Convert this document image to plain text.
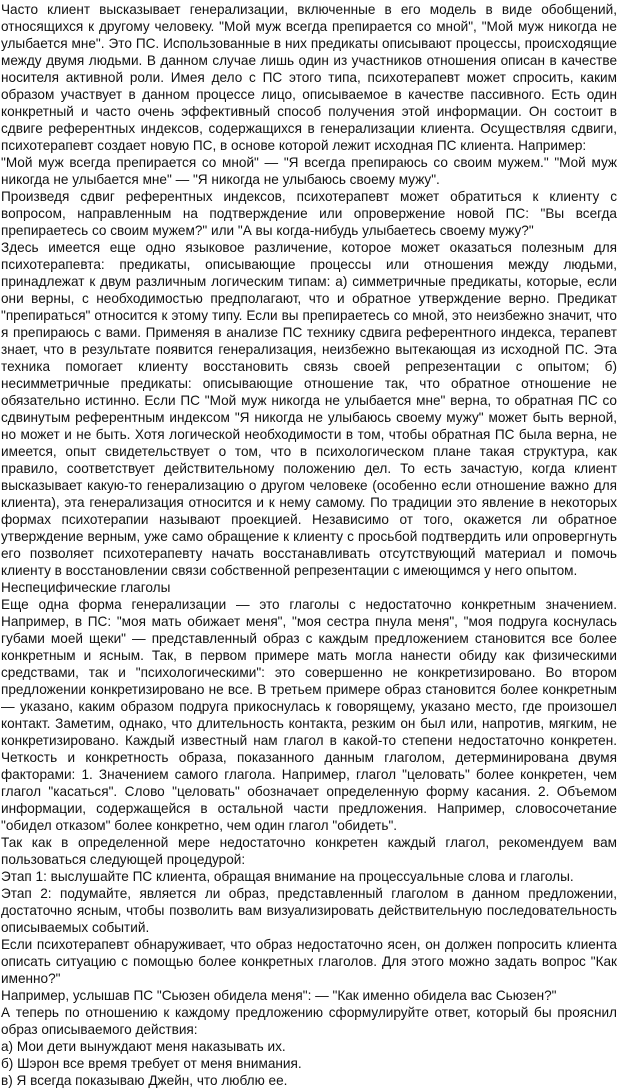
Часто клиент высказывает генерализации, включенные в его модель в виде обобщений, относящихся к другому человеку. "Мой муж всегда препирается со мной", "Мой муж никогда не улыбается мне". Это ПС. Использованные в них предикаты описывают процессы, происходящие между двумя людьми. В данном случае лишь один из участников отношения описан в качестве носителя активной роли. Имея дело с ПС этого типа, психотерапевт может спросить, каким образом участвует в данном процессе лицо, описываемое в качестве пассивного. Есть один конкретный и часто очень эффективный способ получения этой информации. Он состоит в сдвиге референтных индексов, содержащихся в генерализации клиента. Осуществляя сдвиги, психотерапевт создает новую ПС, в основе которой лежит исходная ПС клиента. Например:

"Мой муж всегда препирается со мной" — "Я всегда препираюсь со своим мужем." "Мой муж никогда не улыбается мне" — "Я никогда не улыбаюсь своему мужу".

Произведя сдвиг референтных индексов, психотерапевт может обратиться к клиенту с вопросом, направленным на подтверждение или опровержение новой ПС: "Вы всегда препираетесь со своим мужем?" или "А вы когда-нибудь улыбаетесь своему мужу?"

Здесь имеется еще одно языковое различение, которое может оказаться полезным для психотерапевта: предикаты, описывающие процессы или отношения между людьми, принадлежат к двум различным логическим типам: а) симметричные предикаты, которые, если они верны, с необходимостью предполагают, что и обратное утверждение верно. Предикат "препираться" относится к этому типу. Если вы препираетесь со мной, это неизбежно значит, что я препираюсь с вами. Применяя в анализе ПС технику сдвига референтного индекса, терапевт знает, что в результате появится генерализация, неизбежно вытекающая из исходной ПС. Эта техника помогает клиенту восстановить связь своей репрезентации с опытом; б) несимметричные предикаты: описывающие отношение так, что обратное отношение не обязательно истинно. Если ПС "Мой муж никогда не улыбается мне" верна, то обратная ПС со сдвинутым референтным индексом "Я никогда не улыбаюсь своему мужу" может быть верной, но может и не быть. Хотя логической необходимости в том, чтобы обратная ПС была верна, не имеется, опыт свидетельствует о том, что в психологическом плане такая структура, как правило, соответствует действительному положению дел. То есть зачастую, когда клиент высказывает какую-то генерализацию о другом человеке (особенно если отношение важно для клиента), эта генерализация относится и к нему самому. По традиции это явление в некоторых формах психотерапии называют проекцией. Независимо от того, окажется ли обратное утверждение верным, уже само обращение к клиенту с просьбой подтвердить или опровергнуть его позволяет психотерапевту начать восстанавливать отсутствующий материал и помочь клиенту в восстановлении связи собственной репрезентации с имеющимся у него опытом.

Неспецифические глаголы

Еще одна форма генерализации — это глаголы с недостаточно конкретным значением. Например, в ПС: "моя мать обижает меня", "моя сестра пнула меня", "моя подруга коснулась губами моей щеки" — представленный образ с каждым предложением становится все более конкретным и ясным. Так, в первом примере мать могла нанести обиду как физическими средствами, так и "психологическими": это совершенно не конкретизировано. Во втором предложении конкретизировано не все. В третьем примере образ становится более конкретным — указано, каким образом подруга прикоснулась к говорящему, указано место, где произошел контакт. Заметим, однако, что длительность контакта, резким он был или, напротив, мягким, не конкретизировано. Каждый известный нам глагол в какой-то степени недостаточно конкретен. Четкость и конкретность образа, показанного данным глаголом, детерминирована двумя факторами: 1. Значением самого глагола. Например, глагол "целовать" более конкретен, чем глагол "касаться". Слово "целовать" обозначает определенную форму касания. 2. Объемом информации, содержащейся в остальной части предложения. Например, словосочетание "обидел отказом" более конкретно, чем один глагол "обидеть".

Так как в определенной мере недостаточно конкретен каждый глагол, рекомендуем вам пользоваться следующей процедурой:

Этап 1: выслушайте ПС клиента, обращая внимание на процессуальные слова и глаголы.

Этап 2: подумайте, является ли образ, представленный глаголом в данном предложении, достаточно ясным, чтобы позволить вам визуализировать действительную последовательность описываемых событий.

Если психотерапевт обнаруживает, что образ недостаточно ясен, он должен попросить клиента описать ситуацию с помощью более конкретных глаголов. Для этого можно задать вопрос "Как именно?"

Например, услышав ПС "Сьюзен обидела меня": — "Как именно обидела вас Сьюзен?"

А теперь по отношению к каждому предложению сформулируйте ответ, который бы прояснил образ описываемого действия:

а) Мои дети вынуждают меня наказывать их.

б) Шэрон все время требует от меня внимания.

в) Я всегда показываю Джейн, что люблю ее.
